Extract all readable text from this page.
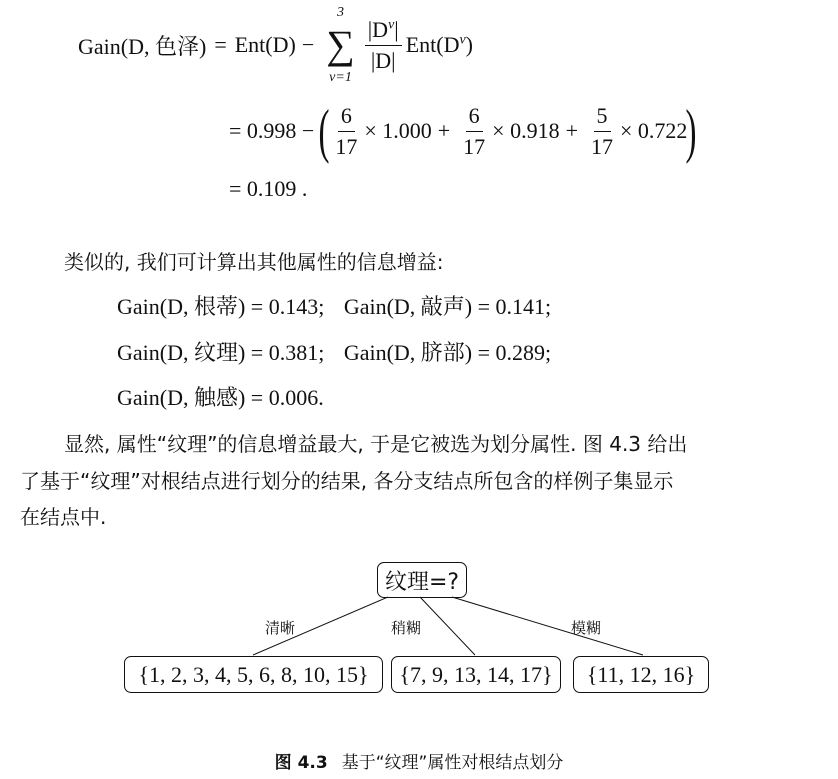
Gain(D, 色泽) = Ent(D) −
3
∑
v=1
$\frac{|D^v|}{|D|} Ent(D^v)$
= 0.998 − ( $\frac{6}{17} \times 1.000 + \frac{6}{17} \times 0.918 + \frac{5}{17} \times 0.722$
)
= 0.109 .
类似的, 我们可计算出其他属性的信息增益:
Gain(D, 根蒂) = 0.143; Gain(D, 敲声) = 0.141;
Gain(D, 纹理) = 0.381; Gain(D, 脐部) = 0.289;
Gain(D, 触感) = 0.006.
显然, 属性“纹理”的信息增益最大, 于是它被选为划分属性. 图 4.3 给出
了基于“纹理”对根结点进行划分的结果, 各分支结点所包含的样例子集显示
在结点中.
纹理=?
清晰	稍糊	模糊
{1, 2, 3, 4, 5, 6, 8, 10, 15}	{7, 9, 13, 14, 17}	{11, 12, 16}
图 4.3 基于“纹理”属性对根结点划分
